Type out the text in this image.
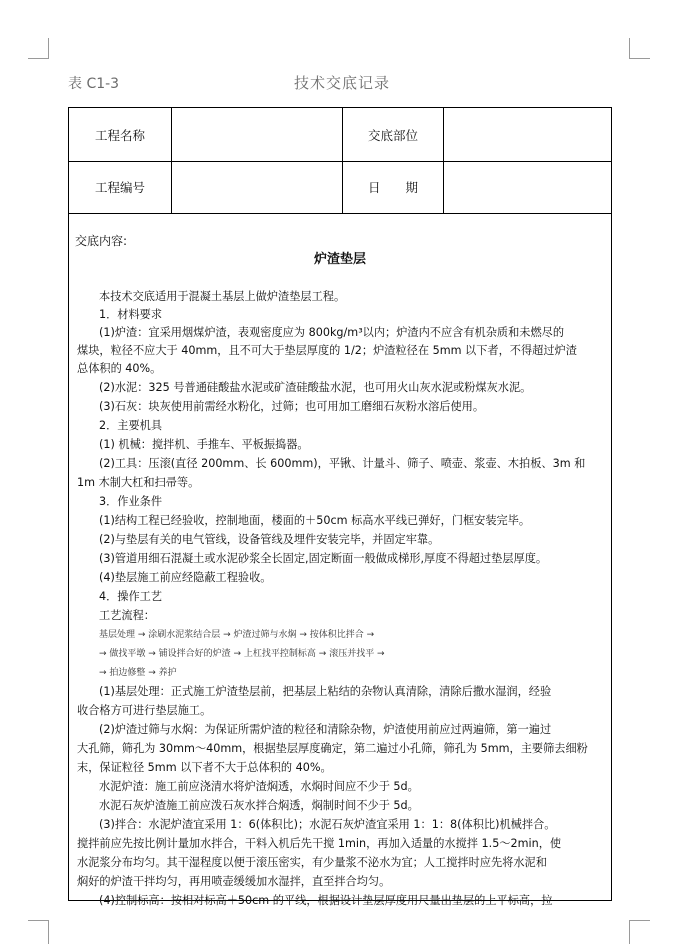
表 C1-3	技术交底记录
工程名称	交底部位
工程编号	日　　期
交底内容:
炉渣垫层
本技术交底适用于混凝土基层上做炉渣垫层工程。
1．材料要求
(1)炉渣：宜采用烟煤炉渣，表观密度应为 800kg/m³以内；炉渣内不应含有机杂质和未燃尽的
煤块，粒径不应大于 40mm，且不可大于垫层厚度的 1/2；炉渣粒径在 5mm 以下者，不得超过炉渣
总体积的 40%。
(2)水泥：325 号普通硅酸盐水泥或矿渣硅酸盐水泥，也可用火山灰水泥或粉煤灰水泥。
(3)石灰：块灰使用前需经水粉化，过筛；也可用加工磨细石灰粉水溶后使用。
2．主要机具
(1) 机械：搅拌机、手推车、平板振捣器。
(2)工具：压滚(直径 200mm、长 600mm)，平锹、计量斗、筛子、喷壶、浆壶、木拍板、3m 和
1m 木制大杠和扫帚等。
3．作业条件
(1)结构工程已经验收，控制地面，楼面的＋50cm 标高水平线已弹好，门框安装完毕。
(2)与垫层有关的电气管线，设备管线及埋件安装完毕，并固定牢靠。
(3)管道用细石混凝土或水泥砂浆全长固定,固定断面一般做成梯形,厚度不得超过垫层厚度。
(4)垫层施工前应经隐蔽工程验收。
4．操作工艺
工艺流程：
基层处理 → 涂刷水泥浆结合层 → 炉渣过筛与水焖 → 按体积比拌合 →
→ 做找平墩 → 铺设拌合好的炉渣 → 上杠找平控制标高 → 滚压并找平 →
→ 拍边修整 → 养护
(1)基层处理：正式施工炉渣垫层前，把基层上粘结的杂物认真清除，清除后撒水湿润，经验
收合格方可进行垫层施工。
(2)炉渣过筛与水焖：为保证所需炉渣的粒径和清除杂物，炉渣使用前应过两遍筛，第一遍过
大孔筛，筛孔为 30mm～40mm，根据垫层厚度确定，第二遍过小孔筛，筛孔为 5mm，主要筛去细粉
末，保证粒径 5mm 以下者不大于总体积的 40%。
水泥炉渣：施工前应浇清水将炉渣焖透，水焖时间应不少于 5d。
水泥石灰炉渣施工前应泼石灰水拌合焖透，焖制时间不少于 5d。
(3)拌合：水泥炉渣宜采用 1：6(体积比)；水泥石灰炉渣宜采用 1：1：8(体积比)机械拌合。
搅拌前应先按比例计量加水拌合，干料入机后先干搅 1min，再加入适量的水搅拌 1.5～2min，使
水泥浆分布均匀。其干湿程度以便于滚压密实，有少量浆不泌水为宜；人工搅拌时应先将水泥和
焖好的炉渣干拌均匀，再用喷壶缓缓加水湿拌，直至拌合均匀。
(4)控制标高：按相对标高＋50cm 的平线，根据设计垫层厚度用尺量出垫层的上平标高，拉
